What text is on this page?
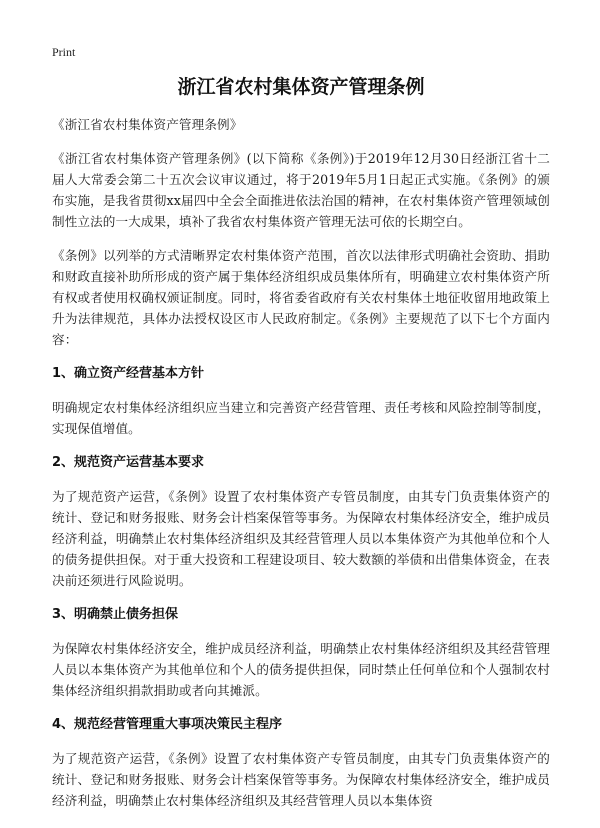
Print
浙江省农村集体资产管理条例

《浙江省农村集体资产管理条例》

《浙江省农村集体资产管理条例》(以下简称《条例》)于2019年12月30日经浙江省十二届人大常委会第二十五次会议审议通过，将于2019年5月1日起正式实施。《条例》的颁布实施，是我省贯彻xx届四中全会全面推进依法治国的精神，在农村集体资产管理领域创制性立法的一大成果，填补了我省农村集体资产管理无法可依的长期空白。

《条例》以列举的方式清晰界定农村集体资产范围，首次以法律形式明确社会资助、捐助和财政直接补助所形成的资产属于集体经济组织成员集体所有，明确建立农村集体资产所有权或者使用权确权颁证制度。同时，将省委省政府有关农村集体土地征收留用地政策上升为法律规范，具体办法授权设区市人民政府制定。《条例》主要规范了以下七个方面内容：

1、确立资产经营基本方针

明确规定农村集体经济组织应当建立和完善资产经营管理、责任考核和风险控制等制度，实现保值增值。

2、规范资产运营基本要求

为了规范资产运营，《条例》设置了农村集体资产专管员制度，由其专门负责集体资产的统计、登记和财务报账、财务会计档案保管等事务。为保障农村集体经济安全，维护成员经济利益，明确禁止农村集体经济组织及其经营管理人员以本集体资产为其他单位和个人的债务提供担保。对于重大投资和工程建设项目、较大数额的举债和出借集体资金，在表决前还须进行风险说明。

3、明确禁止债务担保

为保障农村集体经济安全，维护成员经济利益，明确禁止农村集体经济组织及其经营管理人员以本集体资产为其他单位和个人的债务提供担保，同时禁止任何单位和个人强制农村集体经济组织捐款捐助或者向其摊派。

4、规范经营管理重大事项决策民主程序

为了规范资产运营，《条例》设置了农村集体资产专管员制度，由其专门负责集体资产的统计、登记和财务报账、财务会计档案保管等事务。为保障农村集体经济安全，维护成员经济利益，明确禁止农村集体经济组织及其经营管理人员以本集体资
